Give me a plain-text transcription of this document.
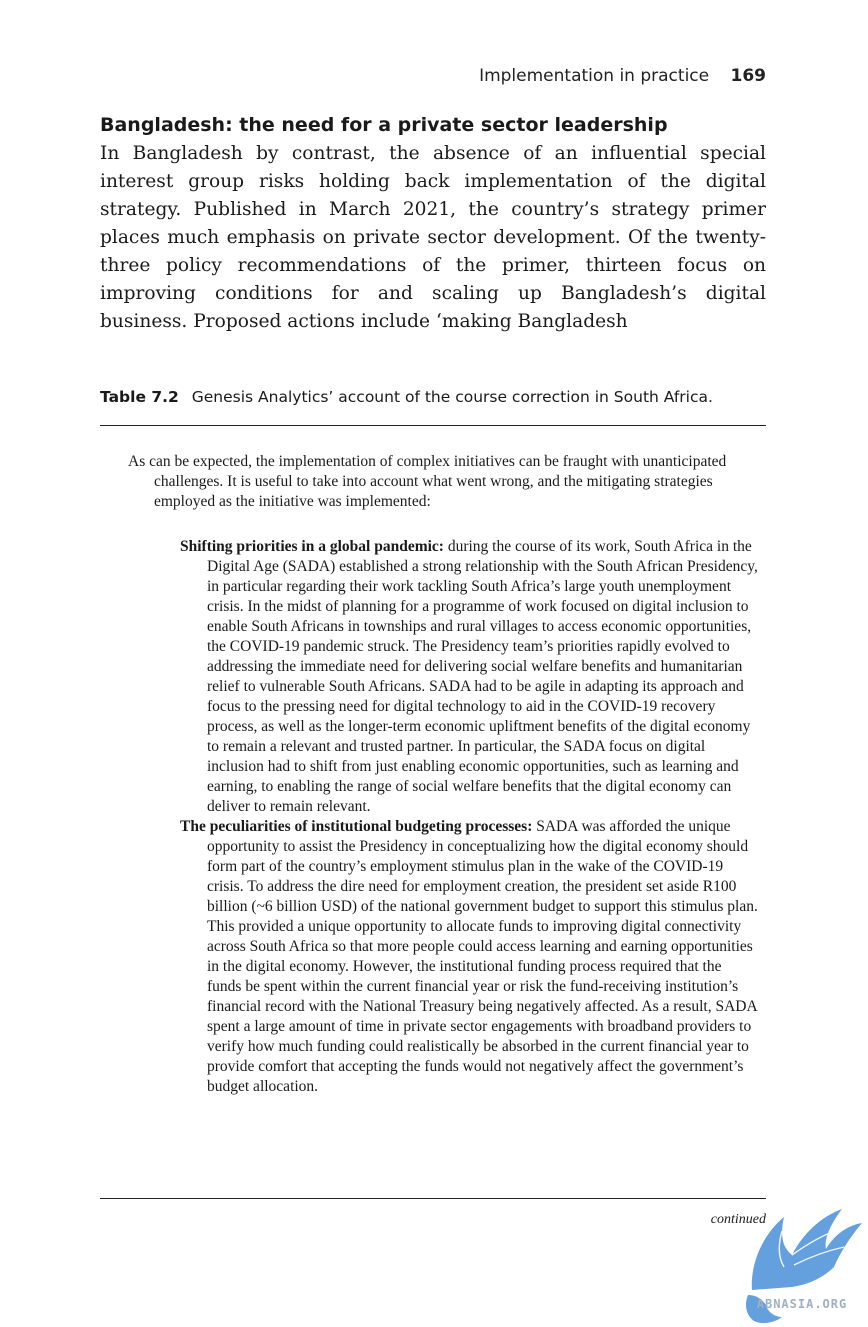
Implementation in practice 169
Bangladesh: the need for a private sector leadership

In Bangladesh by contrast, the absence of an influential special interest group risks holding back implementation of the digital strategy. Published in March 2021, the country’s strategy primer places much emphasis on private sector development. Of the twenty-three policy recommendations of the primer, thirteen focus on improving conditions for and scaling up Bangladesh’s digital business. Proposed actions include ‘making Bangladesh

Table 7.2 Genesis Analytics’ account of the course correction in South Africa.

As can be expected, the implementation of complex initiatives can be fraught with unanticipated challenges. It is useful to take into account what went wrong, and the mitigating strategies employed as the initiative was implemented:

Shifting priorities in a global pandemic: during the course of its work, South Africa in the Digital Age (SADA) established a strong relationship with the South African Presidency, in particular regarding their work tackling South Africa’s large youth unemployment crisis. In the midst of planning for a programme of work focused on digital inclusion to enable South Africans in townships and rural villages to access economic opportunities, the COVID-19 pandemic struck. The Presidency team’s priorities rapidly evolved to addressing the immediate need for delivering social welfare benefits and humanitarian relief to vulnerable South Africans. SADA had to be agile in adapting its approach and focus to the pressing need for digital technology to aid in the COVID-19 recovery process, as well as the longer-term economic upliftment benefits of the digital economy to remain a relevant and trusted partner. In particular, the SADA focus on digital inclusion had to shift from just enabling economic opportunities, such as learning and earning, to enabling the range of social welfare benefits that the digital economy can deliver to remain relevant.

The peculiarities of institutional budgeting processes: SADA was afforded the unique opportunity to assist the Presidency in conceptualizing how the digital economy should form part of the country’s employment stimulus plan in the wake of the COVID-19 crisis. To address the dire need for employment creation, the president set aside R100 billion (~6 billion USD) of the national government budget to support this stimulus plan. This provided a unique opportunity to allocate funds to improving digital connectivity across South Africa so that more people could access learning and earning opportunities in the digital economy. However, the institutional funding process required that the funds be spent within the current financial year or risk the fund-receiving institution’s financial record with the National Treasury being negatively affected. As a result, SADA spent a large amount of time in private sector engagements with broadband providers to verify how much funding could realistically be absorbed in the current financial year to provide comfort that accepting the funds would not negatively affect the government’s budget allocation.

continued
ABNASIA.ORG
